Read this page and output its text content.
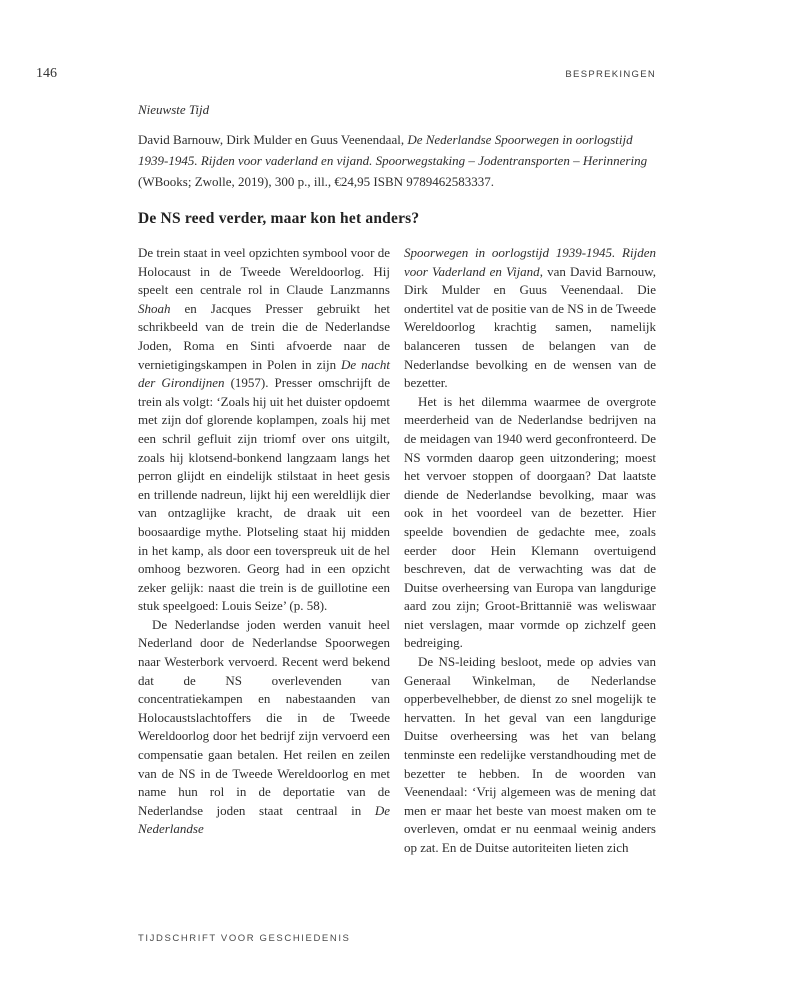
146	BESPREKINGEN

Nieuwste Tijd

David Barnouw, Dirk Mulder en Guus Veenendaal, De Nederlandse Spoorwegen in oorlogstijd 1939-1945. Rijden voor vaderland en vijand. Spoorwegstaking – Jodentransporten – Herinnering (WBooks; Zwolle, 2019), 300 p., ill., €24,95 ISBN 9789462583337.

De NS reed verder, maar kon het anders?

De trein staat in veel opzichten symbool voor de Holocaust in de Tweede Wereldoorlog. Hij speelt een centrale rol in Claude Lanzmanns Shoah en Jacques Presser gebruikt het schrikbeeld van de trein die de Nederlandse Joden, Roma en Sinti afvoerde naar de vernietigingskampen in Polen in zijn De nacht der Girondijnen (1957). Presser omschrijft de trein als volgt: ‘Zoals hij uit het duister opdoemt met zijn dof glorende koplampen, zoals hij met een schril gefluit zijn triomf over ons uitgilt, zoals hij klotsend-bonkend langzaam langs het perron glijdt en eindelijk stilstaat in heet gesis en trillende nadreun, lijkt hij een wereldlijk dier van ontzaglijke kracht, de draak uit een boosaardige mythe. Plotseling staat hij midden in het kamp, als door een toverspreuk uit de hel omhoog bezworen. Georg had in een opzicht zeker gelijk: naast die trein is de guillotine een stuk speelgoed: Louis Seize’ (p. 58).

De Nederlandse joden werden vanuit heel Nederland door de Nederlandse Spoorwegen naar Westerbork vervoerd. Recent werd bekend dat de NS overlevenden van concentratiekampen en nabestaanden van Holocaustslachtoffers die in de Tweede Wereldoorlog door het bedrijf zijn vervoerd een compensatie gaan betalen. Het reilen en zeilen van de NS in de Tweede Wereldoorlog en met name hun rol in de deportatie van de Nederlandse joden staat centraal in De Nederlandse

Spoorwegen in oorlogstijd 1939-1945. Rijden voor Vaderland en Vijand, van David Barnouw, Dirk Mulder en Guus Veenendaal. Die ondertitel vat de positie van de NS in de Tweede Wereldoorlog krachtig samen, namelijk balanceren tussen de belangen van de Nederlandse bevolking en de wensen van de bezetter.

Het is het dilemma waarmee de overgrote meerderheid van de Nederlandse bedrijven na de meidagen van 1940 werd geconfronteerd. De NS vormden daarop geen uitzondering; moest het vervoer stoppen of doorgaan? Dat laatste diende de Nederlandse bevolking, maar was ook in het voordeel van de bezetter. Hier speelde bovendien de gedachte mee, zoals eerder door Hein Klemann overtuigend beschreven, dat de verwachting was dat de Duitse overheersing van Europa van langdurige aard zou zijn; Groot-Brittannië was weliswaar niet verslagen, maar vormde op zichzelf geen bedreiging.

De NS-leiding besloot, mede op advies van Generaal Winkelman, de Nederlandse opperbevelhebber, de dienst zo snel mogelijk te hervatten. In het geval van een langdurige Duitse overheersing was het van belang tenminste een redelijke verstandhouding met de bezetter te hebben. In de woorden van Veenendaal: ‘Vrij algemeen was de mening dat men er maar het beste van moest maken om te overleven, omdat er nu eenmaal weinig anders op zat. En de Duitse autoriteiten lieten zich

TIJDSCHRIFT VOOR GESCHIEDENIS
